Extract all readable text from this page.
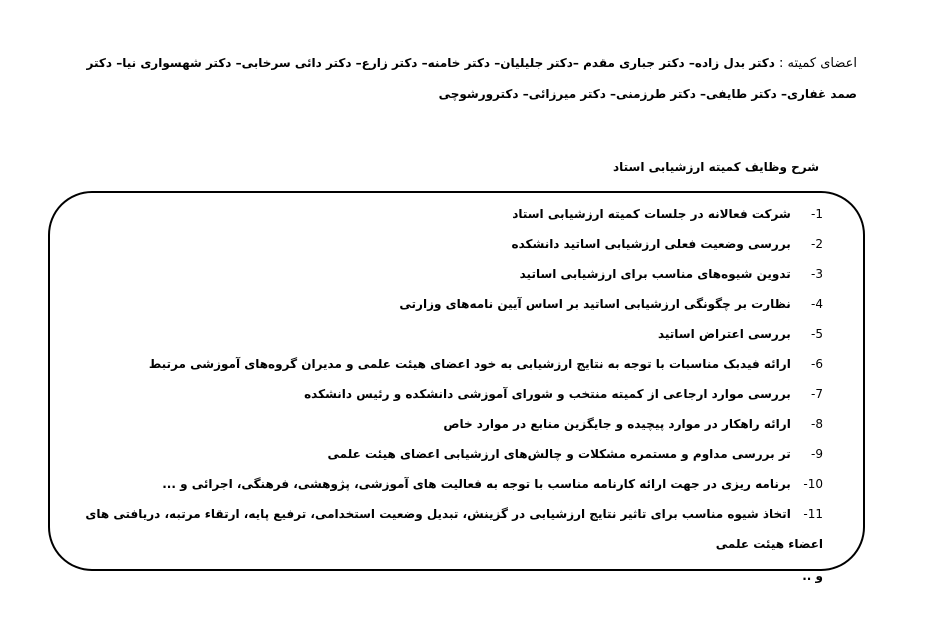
اعضای کمیته : دکتر بدل زاده– دکتر جباری مقدم –دکتر جلیلیان– دکتر خامنه– دکتر زارع– دکتر دائی سرخابی– دکتر شهسواری نیا– دکتر
صمد غفاری– دکتر طایفی– دکتر طرزمنی– دکتر میرزائی– دکترورشوچی
شرح وظایف کمیته ارزشیابی استاد
1- شرکت فعالانه در جلسات کمیته ارزشیابی استاد
2- بررسی وضعیت فعلی ارزشیابی اساتید دانشکده
3- تدوین شیوه‌های مناسب برای ارزشیابی اساتید
4- نظارت بر چگونگی ارزشیابی اساتید بر اساس آیین نامه‌های وزارتی
5- بررسی اعتراض اساتید
6- ارائه فیدبک مناسبات با توجه به نتایج ارزشیابی به خود اعضای هیئت علمی و مدیران گروه‌های آموزشی مرتبط
7- بررسی موارد ارجاعی از کمیته منتخب و شورای آموزشی دانشکده و رئیس دانشکده
8- ارائه راهکار در موارد پیچیده و جایگزین منابع در موارد خاص
9- تر بررسی مداوم و مستمره مشکلات و چالش‌های ارزشیابی اعضای هیئت علمی
10- برنامه ریزی در جهت ارائه کارنامه مناسب با توجه به فعالیت های آموزشی، پژوهشی، فرهنگی، اجرائی و ...
11- اتخاذ شیوه مناسب برای تاثیر نتایج ارزشیابی در گزینش، تبدیل وضعیت استخدامی، ترفیع پایه، ارتقاء مرتبه، دریافتی های اعضاء هیئت علمی
و ..
